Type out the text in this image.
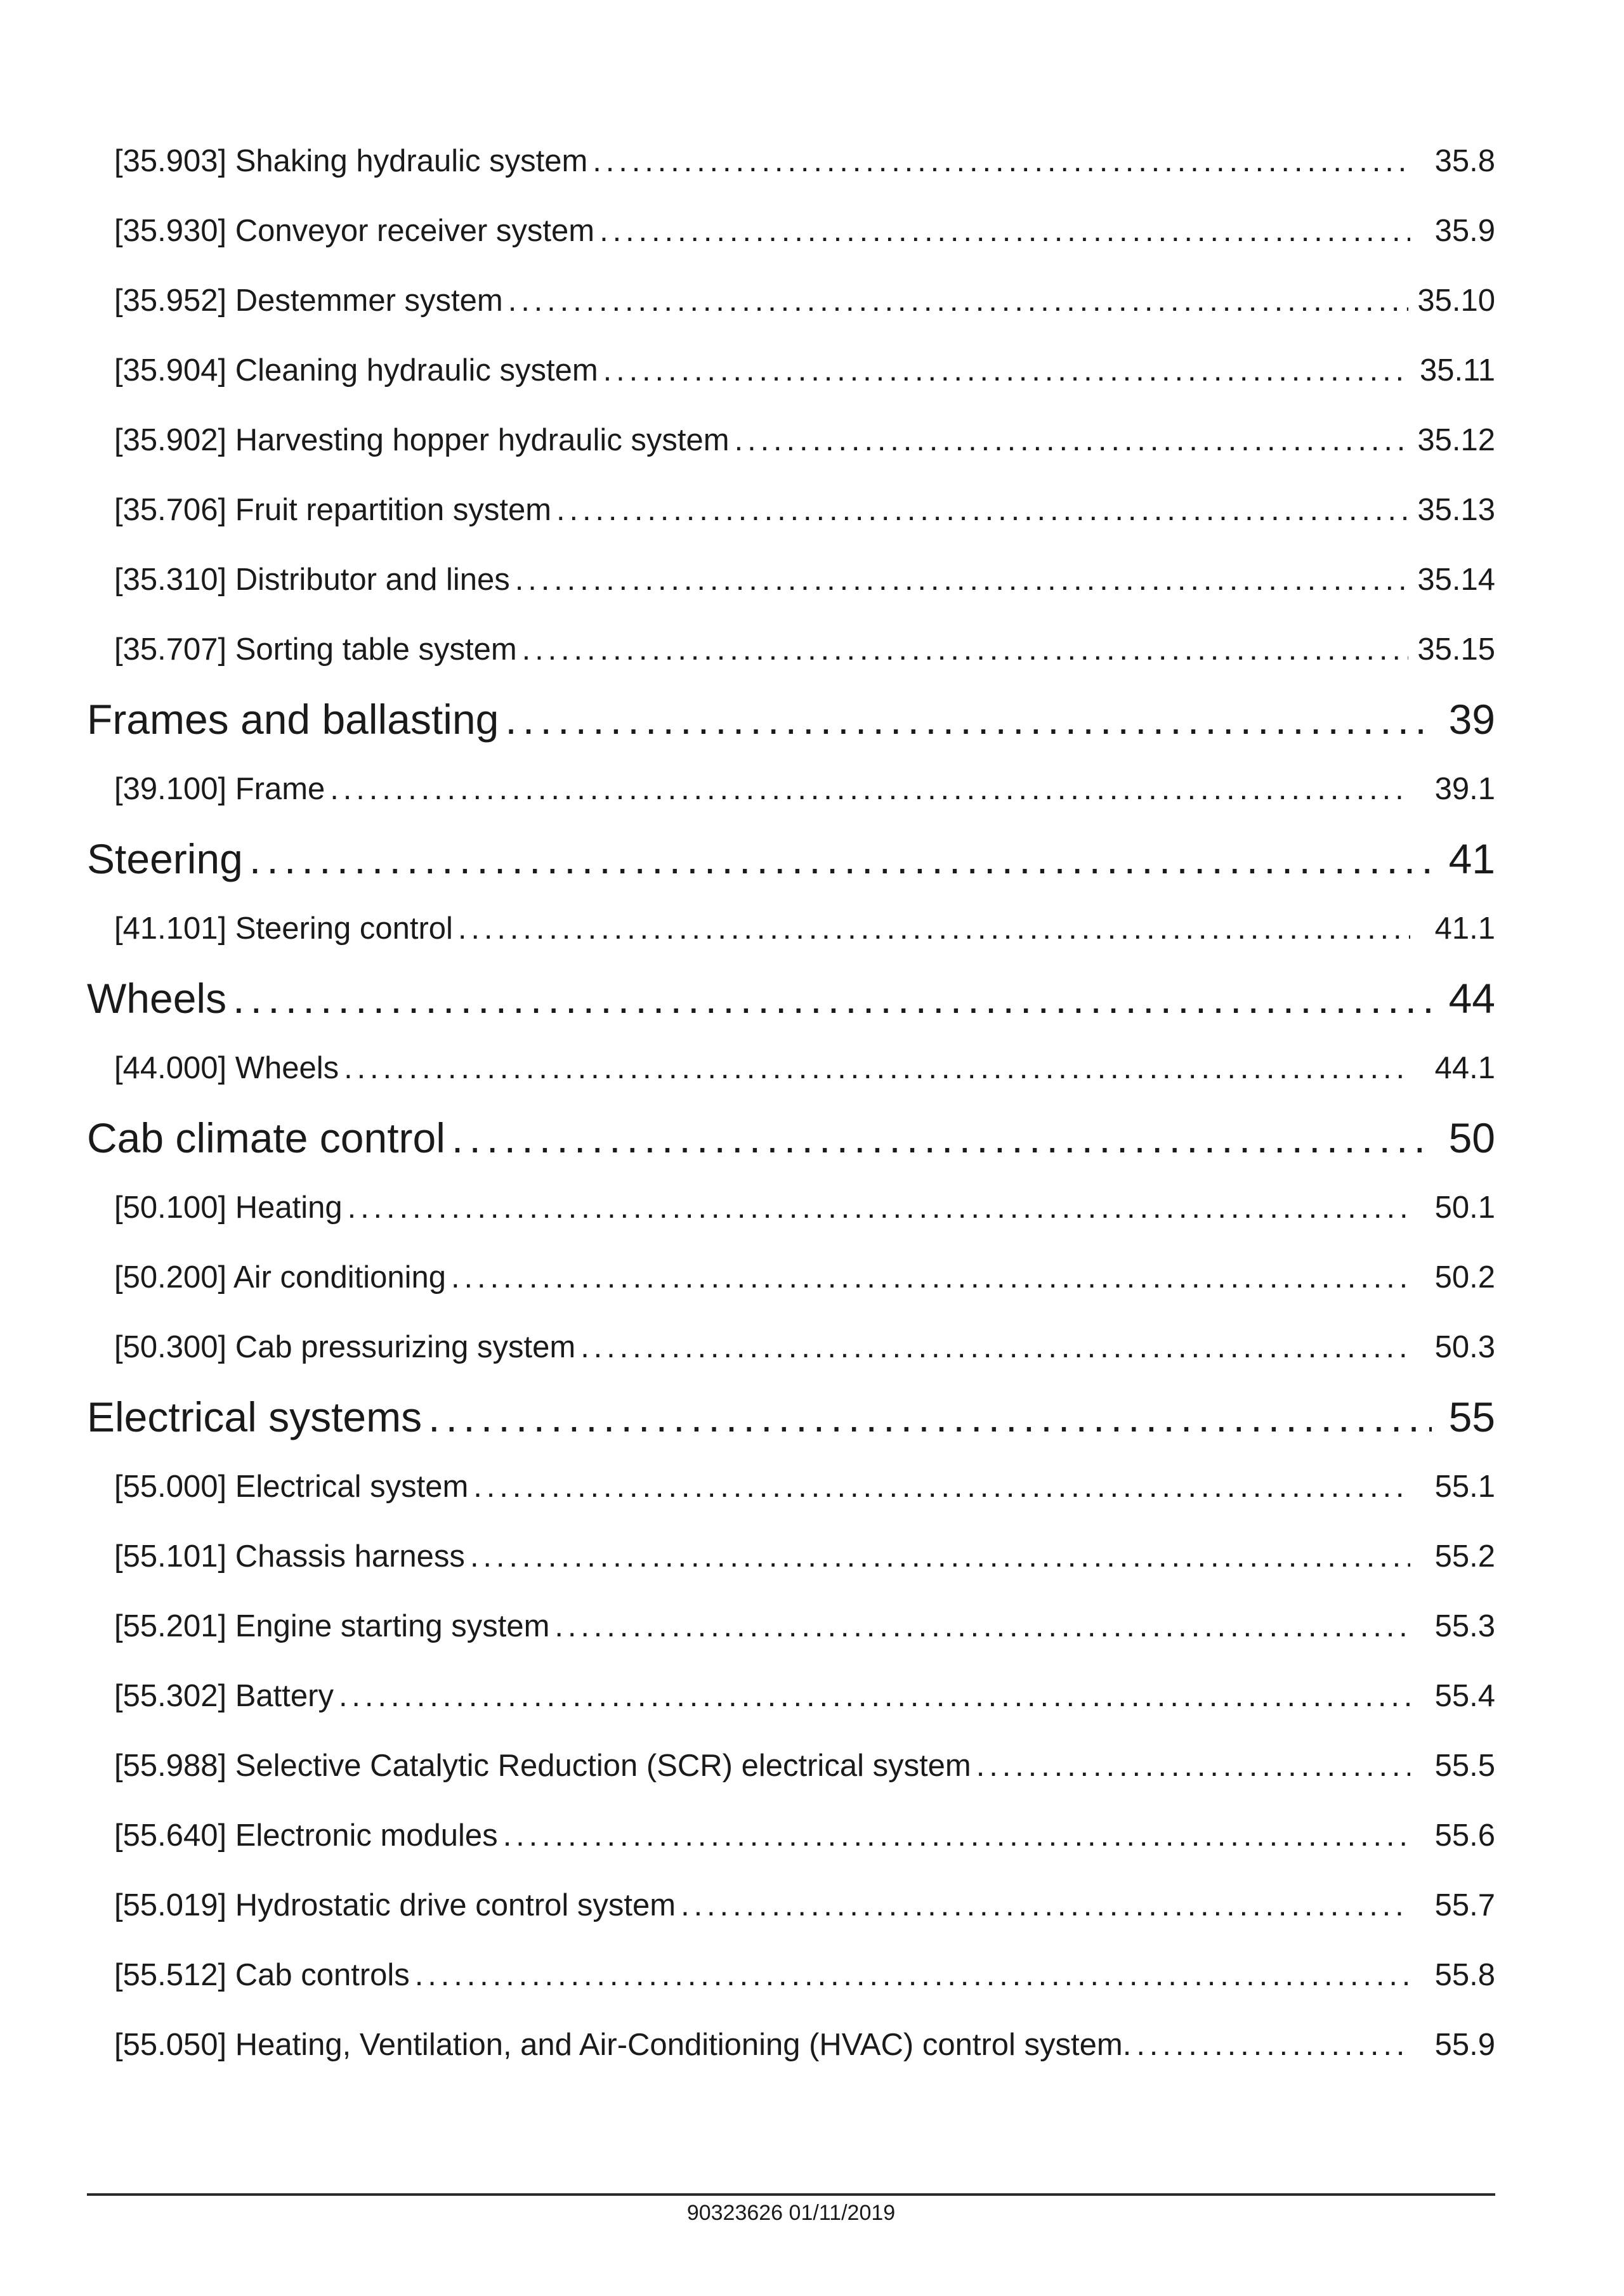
[35.903] Shaking hydraulic system .....	35.8
[35.930] Conveyor receiver system .....	35.9
[35.952] Destemmer system .....	35.10
[35.904] Cleaning hydraulic system .....	35.11
[35.902] Harvesting hopper hydraulic system .....	35.12
[35.706] Fruit repartition system .....	35.13
[35.310] Distributor and lines .....	35.14
[35.707] Sorting table system .....	35.15
Frames and ballasting .....	39
[39.100] Frame .....	39.1
Steering .....	41
[41.101] Steering control .....	41.1
Wheels .....	44
[44.000] Wheels .....	44.1
Cab climate control .....	50
[50.100] Heating .....	50.1
[50.200] Air conditioning .....	50.2
[50.300] Cab pressurizing system .....	50.3
Electrical systems .....	55
[55.000] Electrical system .....	55.1
[55.101] Chassis harness .....	55.2
[55.201] Engine starting system .....	55.3
[55.302] Battery .....	55.4
[55.988] Selective Catalytic Reduction (SCR) electrical system .....	55.5
[55.640] Electronic modules .....	55.6
[55.019] Hydrostatic drive control system .....	55.7
[55.512] Cab controls .....	55.8
[55.050] Heating, Ventilation, and Air-Conditioning (HVAC) control system. .....	55.9
90323626 01/11/2019
